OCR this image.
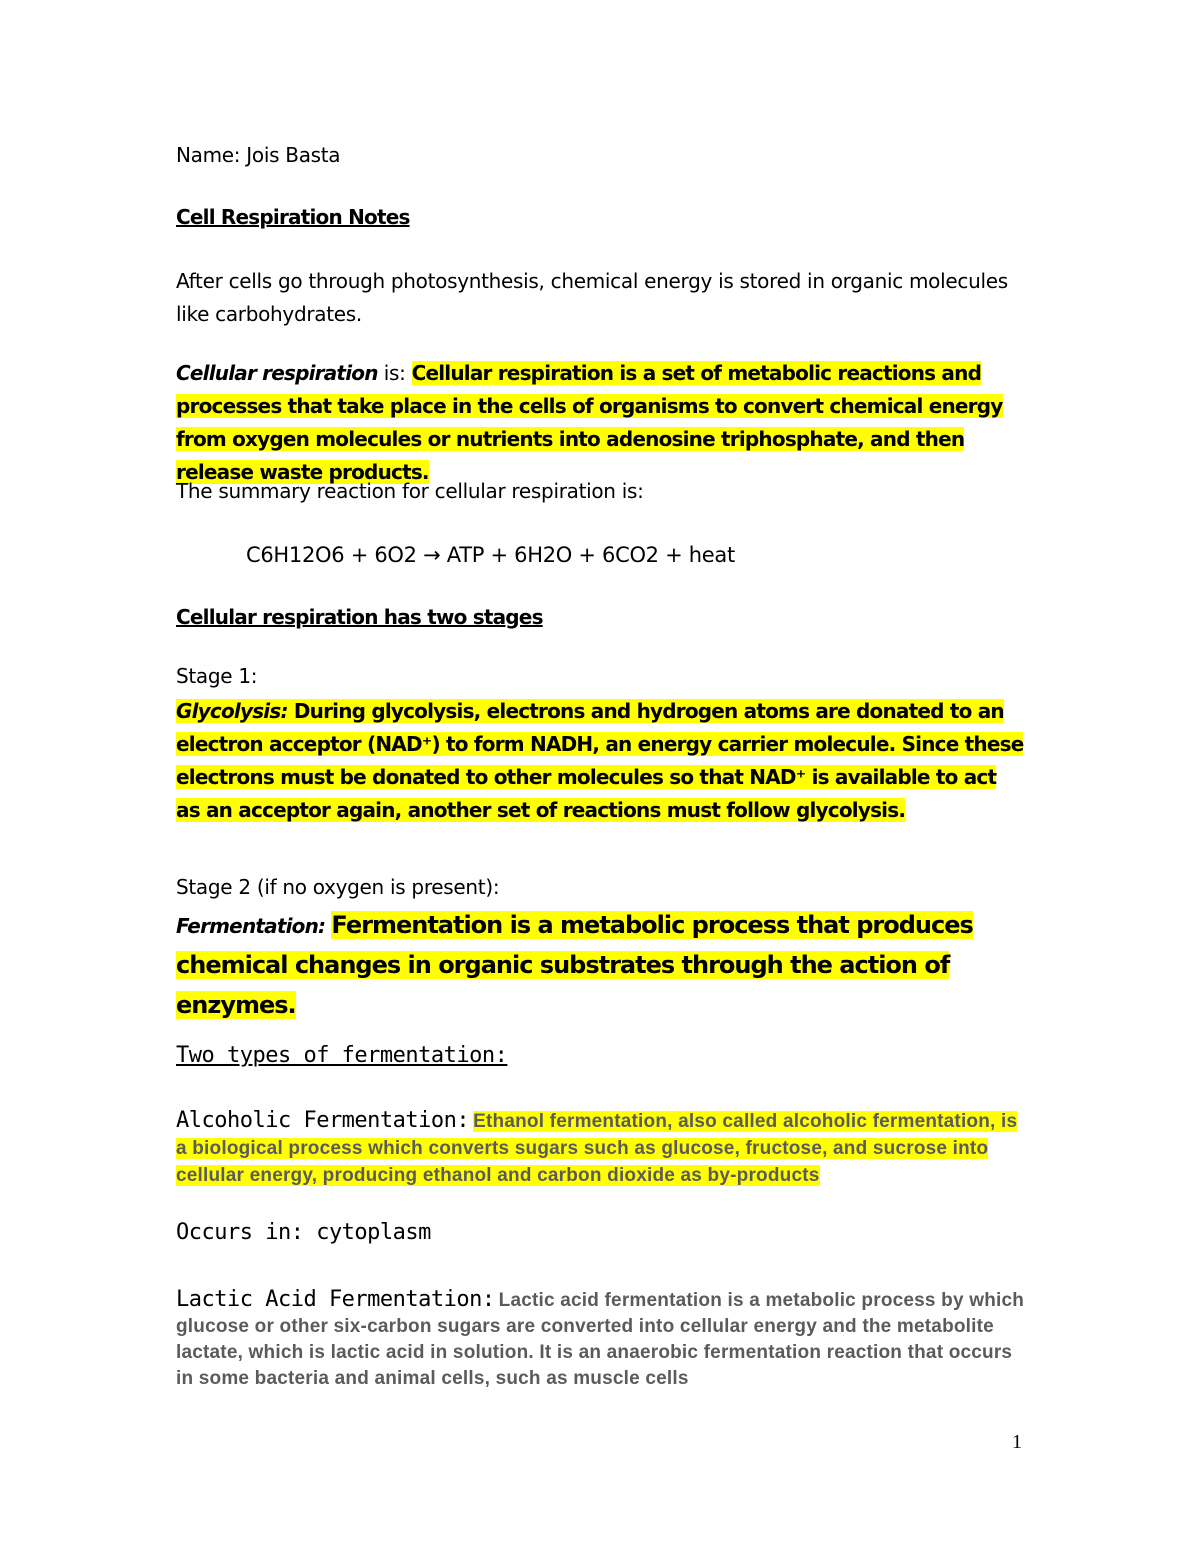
Name: Jois Basta

Cell Respiration Notes

After cells go through photosynthesis, chemical energy is stored in organic molecules like carbohydrates.

Cellular respiration is: Cellular respiration is a set of metabolic reactions and processes that take place in the cells of organisms to convert chemical energy from oxygen molecules or nutrients into adenosine triphosphate, and then release waste products.

The summary reaction for cellular respiration is:

C6H12O6 + 6O2 → ATP + 6H2O + 6CO2 + heat

Cellular respiration has two stages

Stage 1:

Glycolysis: During glycolysis, electrons and hydrogen atoms are donated to an electron acceptor (NAD⁺) to form NADH, an energy carrier molecule. Since these electrons must be donated to other molecules so that NAD⁺ is available to act as an acceptor again, another set of reactions must follow glycolysis.

Stage 2 (if no oxygen is present):

Fermentation: Fermentation is a metabolic process that produces chemical changes in organic substrates through the action of enzymes.

Two types of fermentation:

Alcoholic Fermentation: Ethanol fermentation, also called alcoholic fermentation, is a biological process which converts sugars such as glucose, fructose, and sucrose into cellular energy, producing ethanol and carbon dioxide as by-products

Occurs in: cytoplasm

Lactic Acid Fermentation: Lactic acid fermentation is a metabolic process by which glucose or other six-carbon sugars are converted into cellular energy and the metabolite lactate, which is lactic acid in solution. It is an anaerobic fermentation reaction that occurs in some bacteria and animal cells, such as muscle cells

1
